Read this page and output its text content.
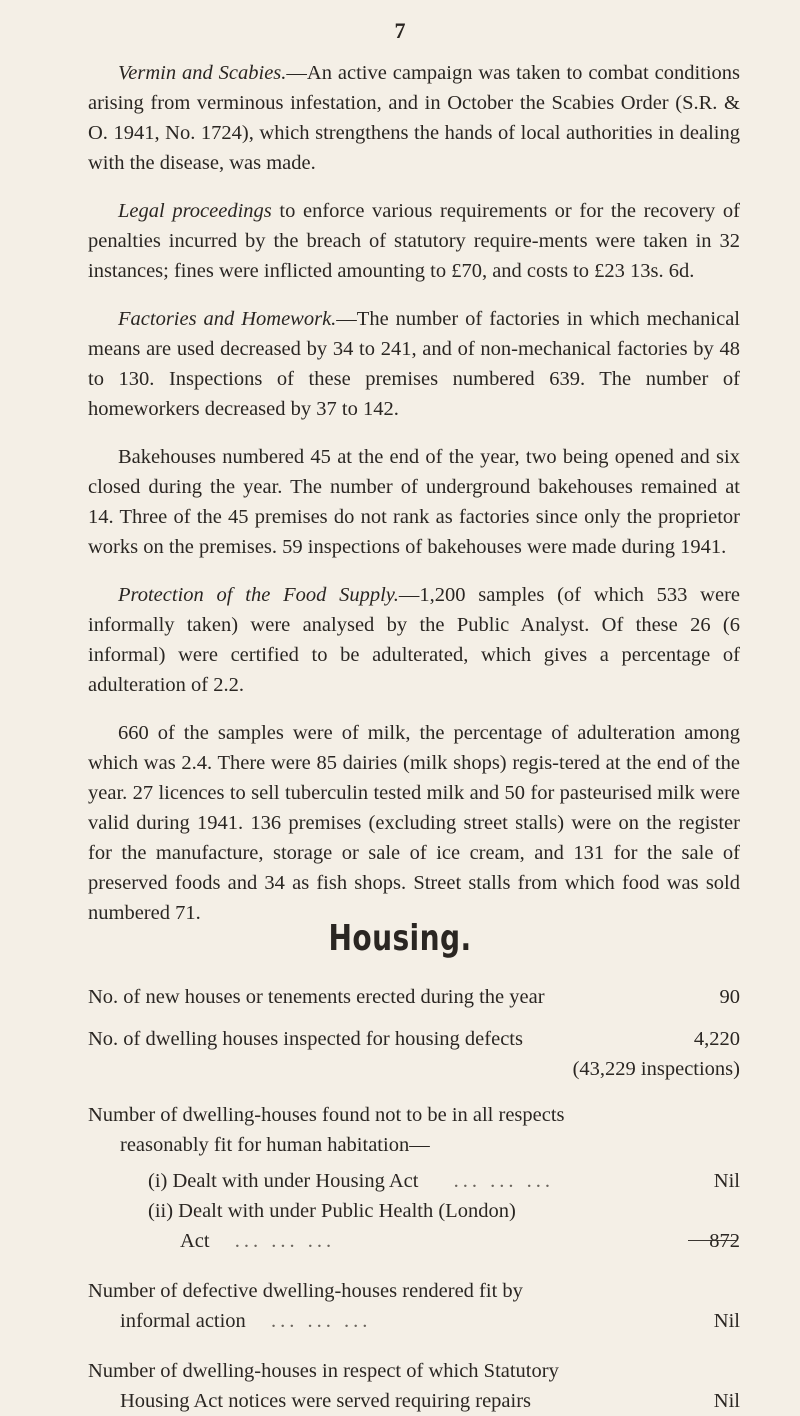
7

Vermin and Scabies.—An active campaign was taken to combat conditions arising from verminous infestation, and in October the Scabies Order (S.R. & O. 1941, No. 1724), which strengthens the hands of local authorities in dealing with the disease, was made.

Legal proceedings to enforce various requirements or for the recovery of penalties incurred by the breach of statutory require-ments were taken in 32 instances; fines were inflicted amounting to £70, and costs to £23 13s. 6d.

Factories and Homework.—The number of factories in which mechanical means are used decreased by 34 to 241, and of non-mechanical factories by 48 to 130. Inspections of these premises numbered 639. The number of homeworkers decreased by 37 to 142.

Bakehouses numbered 45 at the end of the year, two being opened and six closed during the year. The number of underground bakehouses remained at 14. Three of the 45 premises do not rank as factories since only the proprietor works on the premises. 59 inspections of bakehouses were made during 1941.

Protection of the Food Supply.—1,200 samples (of which 533 were informally taken) were analysed by the Public Analyst. Of these 26 (6 informal) were certified to be adulterated, which gives a percentage of adulteration of 2.2.

660 of the samples were of milk, the percentage of adulteration among which was 2.4. There were 85 dairies (milk shops) regis-tered at the end of the year. 27 licences to sell tuberculin tested milk and 50 for pasteurised milk were valid during 1941. 136 premises (excluding street stalls) were on the register for the manufacture, storage or sale of ice cream, and 131 for the sale of preserved foods and 34 as fish shops. Street stalls from which food was sold numbered 71.

Housing.
No. of new houses or tenements erected during the year	90
No. of dwelling houses inspected for housing defects	4,220
(43,229 inspections)
Number of dwelling-houses found not to be in all respects
reasonably fit for human habitation—
(i) Dealt with under Housing Act ... ... ...	Nil
(ii) Dealt with under Public Health (London)
Act ... ... ...	872
Number of defective dwelling-houses rendered fit by
informal action ... ... ...	Nil
Number of dwelling-houses in respect of which Statutory
Housing Act notices were served requiring repairs	Nil
